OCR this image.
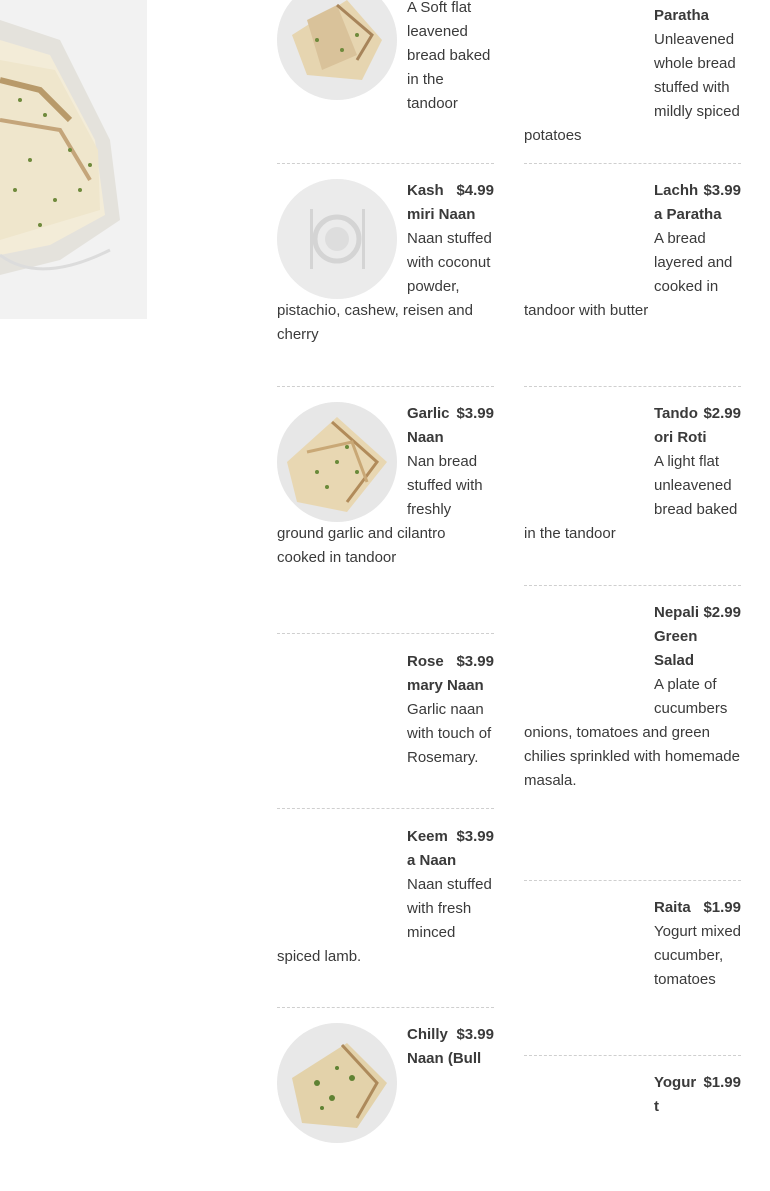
A Soft flat leavened bread baked in the tandoor
$4.99
Kashmiri Naan
Naan stuffed with coconut powder, pistachio, cashew, reisen and cherry
$3.99
Garlic Naan
Nan bread stuffed with freshly ground garlic and cilantro cooked in tandoor
$3.99
Rosemary Naan
Garlic naan with touch of Rosemary.
$3.99
Keema Naan
Naan stuffed with fresh minced spiced lamb.
$3.99
Chilly Naan (Bull
Paratha
Unleavened whole bread stuffed with mildly spiced potatoes
$3.99
Lachha Paratha
A bread layered and cooked in tandoor with butter
$2.99
Tandoori Roti
A light flat unleavened bread baked in the tandoor
$2.99
Nepali Green Salad
A plate of cucumbers onions, tomatoes and green chilies sprinkled with homemade masala.
$1.99
Raita
Yogurt mixed cucumber, tomatoes
$1.99
Yogurt
